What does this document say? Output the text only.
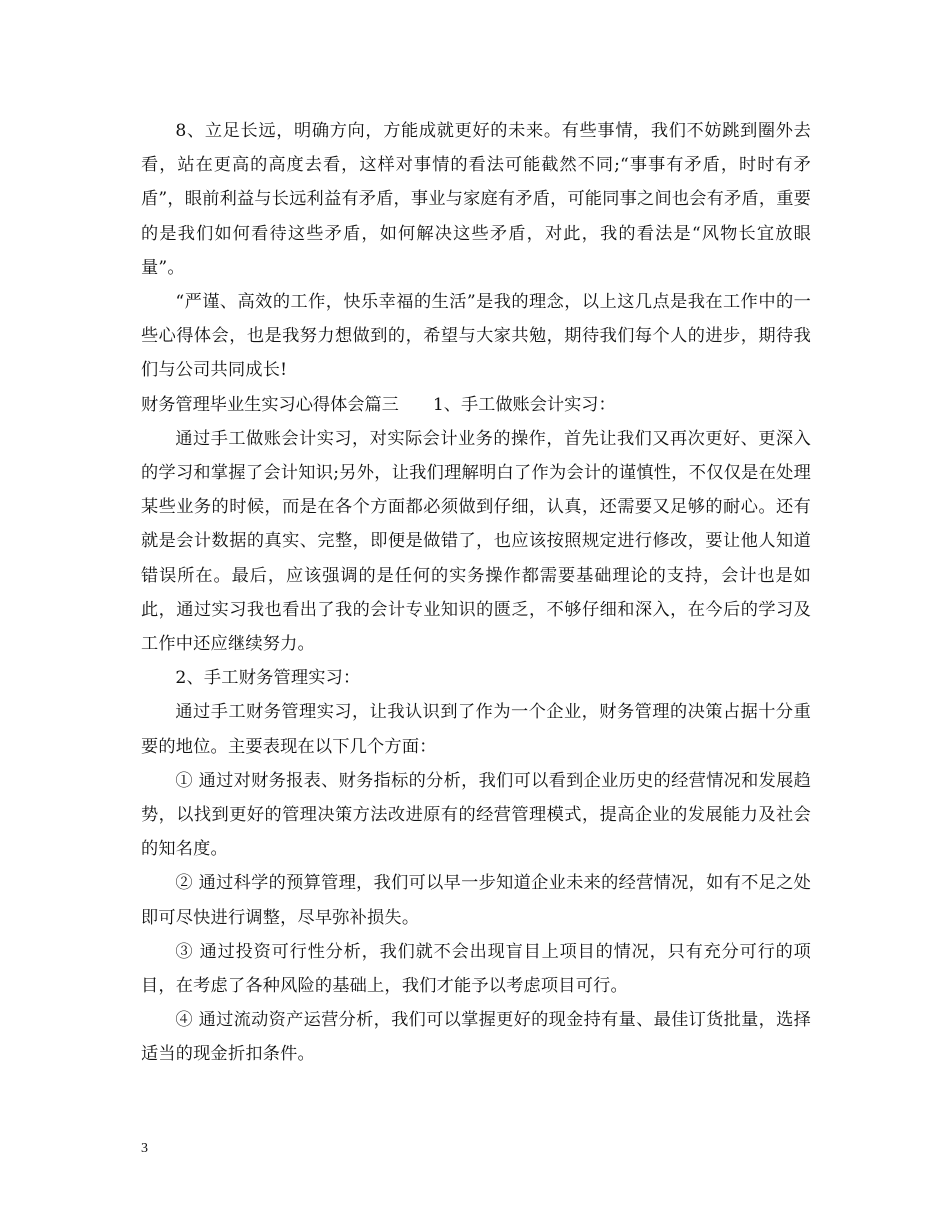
8、立足长远，明确方向，方能成就更好的未来。有些事情，我们不妨跳到圈外去看，站在更高的高度去看，这样对事情的看法可能截然不同;“事事有矛盾，时时有矛盾”，眼前利益与长远利益有矛盾，事业与家庭有矛盾，可能同事之间也会有矛盾，重要的是我们如何看待这些矛盾，如何解决这些矛盾，对此，我的看法是“风物长宜放眼量”。

“严谨、高效的工作，快乐幸福的生活”是我的理念，以上这几点是我在工作中的一些心得体会，也是我努力想做到的，希望与大家共勉，期待我们每个人的进步，期待我们与公司共同成长!

财务管理毕业生实习心得体会篇三 1、手工做账会计实习：

通过手工做账会计实习，对实际会计业务的操作，首先让我们又再次更好、更深入的学习和掌握了会计知识;另外，让我们理解明白了作为会计的谨慎性，不仅仅是在处理某些业务的时候，而是在各个方面都必须做到仔细，认真，还需要又足够的耐心。还有就是会计数据的真实、完整，即便是做错了，也应该按照规定进行修改，要让他人知道错误所在。最后，应该强调的是任何的实务操作都需要基础理论的支持，会计也是如此，通过实习我也看出了我的会计专业知识的匮乏，不够仔细和深入，在今后的学习及工作中还应继续努力。

2、手工财务管理实习：

通过手工财务管理实习，让我认识到了作为一个企业，财务管理的决策占据十分重要的地位。主要表现在以下几个方面：

① 通过对财务报表、财务指标的分析，我们可以看到企业历史的经营情况和发展趋势，以找到更好的管理决策方法改进原有的经营管理模式，提高企业的发展能力及社会的知名度。

② 通过科学的预算管理，我们可以早一步知道企业未来的经营情况，如有不足之处即可尽快进行调整，尽早弥补损失。

③ 通过投资可行性分析，我们就不会出现盲目上项目的情况，只有充分可行的项目，在考虑了各种风险的基础上，我们才能予以考虑项目可行。

④ 通过流动资产运营分析，我们可以掌握更好的现金持有量、最佳订货批量，选择适当的现金折扣条件。

3
